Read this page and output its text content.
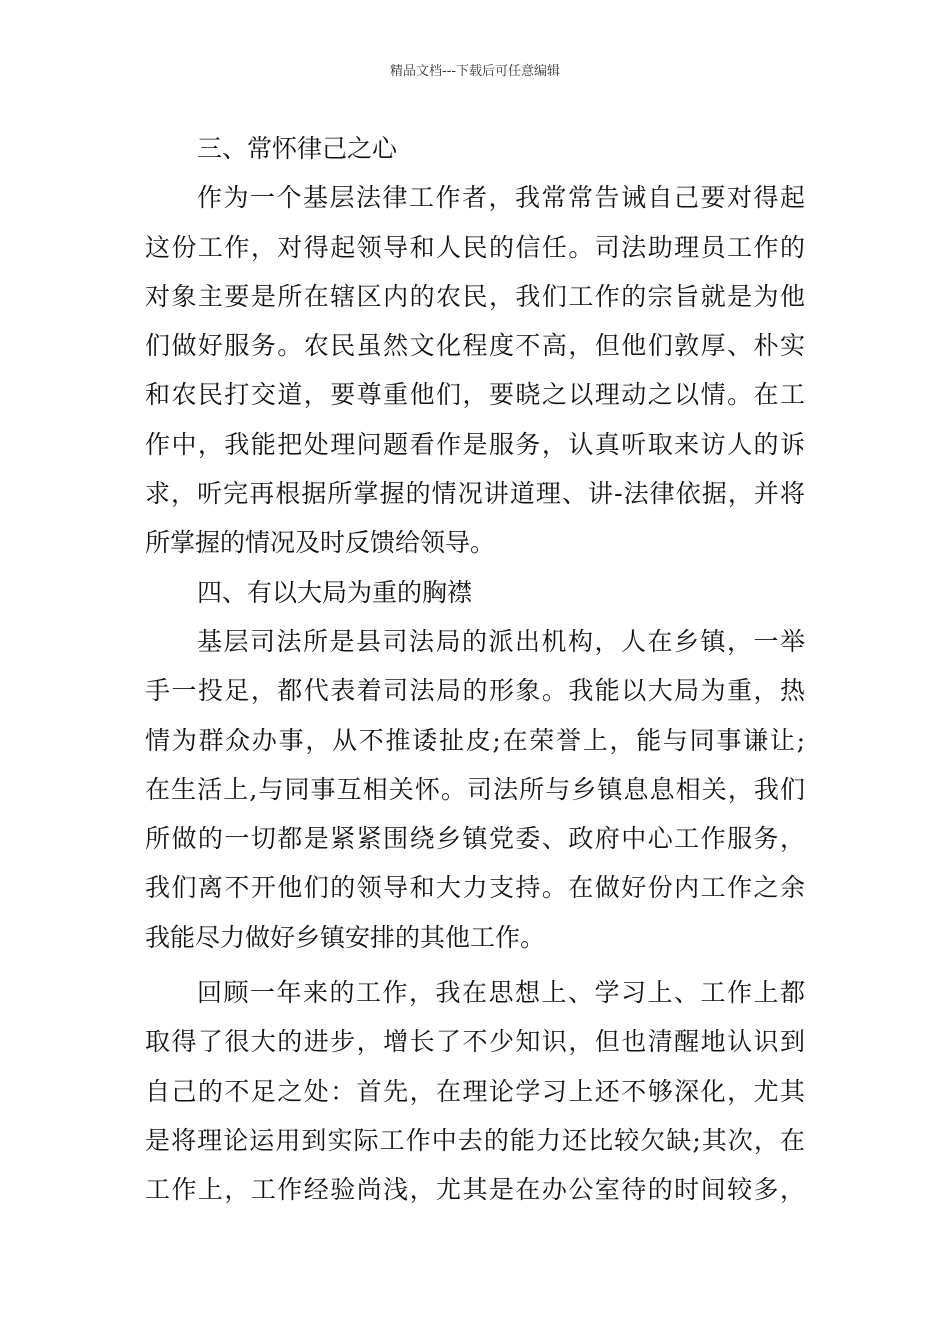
精品文档---下载后可任意编辑
三、常怀律己之心
作为一个基层法律工作者，我常常告诫自己要对得起
这份工作，对得起领导和人民的信任。司法助理员工作的
对象主要是所在辖区内的农民，我们工作的宗旨就是为他
们做好服务。农民虽然文化程度不高，但他们敦厚、朴实
和农民打交道，要尊重他们，要晓之以理动之以情。在工
作中，我能把处理问题看作是服务，认真听取来访人的诉
求，听完再根据所掌握的情况讲道理、讲-法律依据，并将
所掌握的情况及时反馈给领导。
四、有以大局为重的胸襟
基层司法所是县司法局的派出机构，人在乡镇，一举
手一投足，都代表着司法局的形象。我能以大局为重，热
情为群众办事，从不推诿扯皮;在荣誉上，能与同事谦让;
在生活上,与同事互相关怀。司法所与乡镇息息相关，我们
所做的一切都是紧紧围绕乡镇党委、政府中心工作服务，
我们离不开他们的领导和大力支持。在做好份内工作之余
我能尽力做好乡镇安排的其他工作。
回顾一年来的工作，我在思想上、学习上、工作上都
取得了很大的进步，增长了不少知识，但也清醒地认识到
自己的不足之处：首先，在理论学习上还不够深化，尤其
是将理论运用到实际工作中去的能力还比较欠缺;其次，在
工作上，工作经验尚浅，尤其是在办公室待的时间较多，
